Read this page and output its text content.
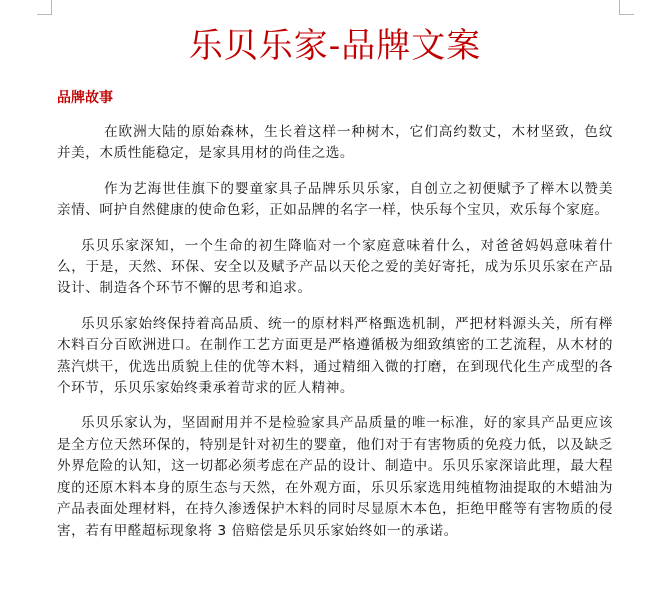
乐贝乐家-品牌文案
品牌故事

在欧洲大陆的原始森林，生长着这样一种树木，它们高约数丈，木材坚致，色纹并美，木质性能稳定，是家具用材的尚佳之选。

作为艺海世佳旗下的婴童家具子品牌乐贝乐家，自创立之初便赋予了榉木以赞美亲情、呵护自然健康的使命色彩，正如品牌的名字一样，快乐每个宝贝，欢乐每个家庭。

乐贝乐家深知，一个生命的初生降临对一个家庭意味着什么，对爸爸妈妈意味着什么，于是，天然、环保、安全以及赋予产品以天伦之爱的美好寄托，成为乐贝乐家在产品设计、制造各个环节不懈的思考和追求。

乐贝乐家始终保持着高品质、统一的原材料严格甄选机制，严把材料源头关，所有榉木料百分百欧洲进口。在制作工艺方面更是严格遵循极为细致缜密的工艺流程，从木材的蒸汽烘干，优选出质貌上佳的优等木料，通过精细入微的打磨，在到现代化生产成型的各个环节，乐贝乐家始终秉承着苛求的匠人精神。

乐贝乐家认为，坚固耐用并不是检验家具产品质量的唯一标准，好的家具产品更应该是全方位天然环保的，特别是针对初生的婴童，他们对于有害物质的免疫力低，以及缺乏外界危险的认知，这一切都必须考虑在产品的设计、制造中。乐贝乐家深谙此理，最大程度的还原木料本身的原生态与天然，在外观方面，乐贝乐家选用纯植物油提取的木蜡油为产品表面处理材料，在持久渗透保护木料的同时尽显原木本色，拒绝甲醛等有害物质的侵害，若有甲醛超标现象将 3 倍赔偿是乐贝乐家始终如一的承诺。
